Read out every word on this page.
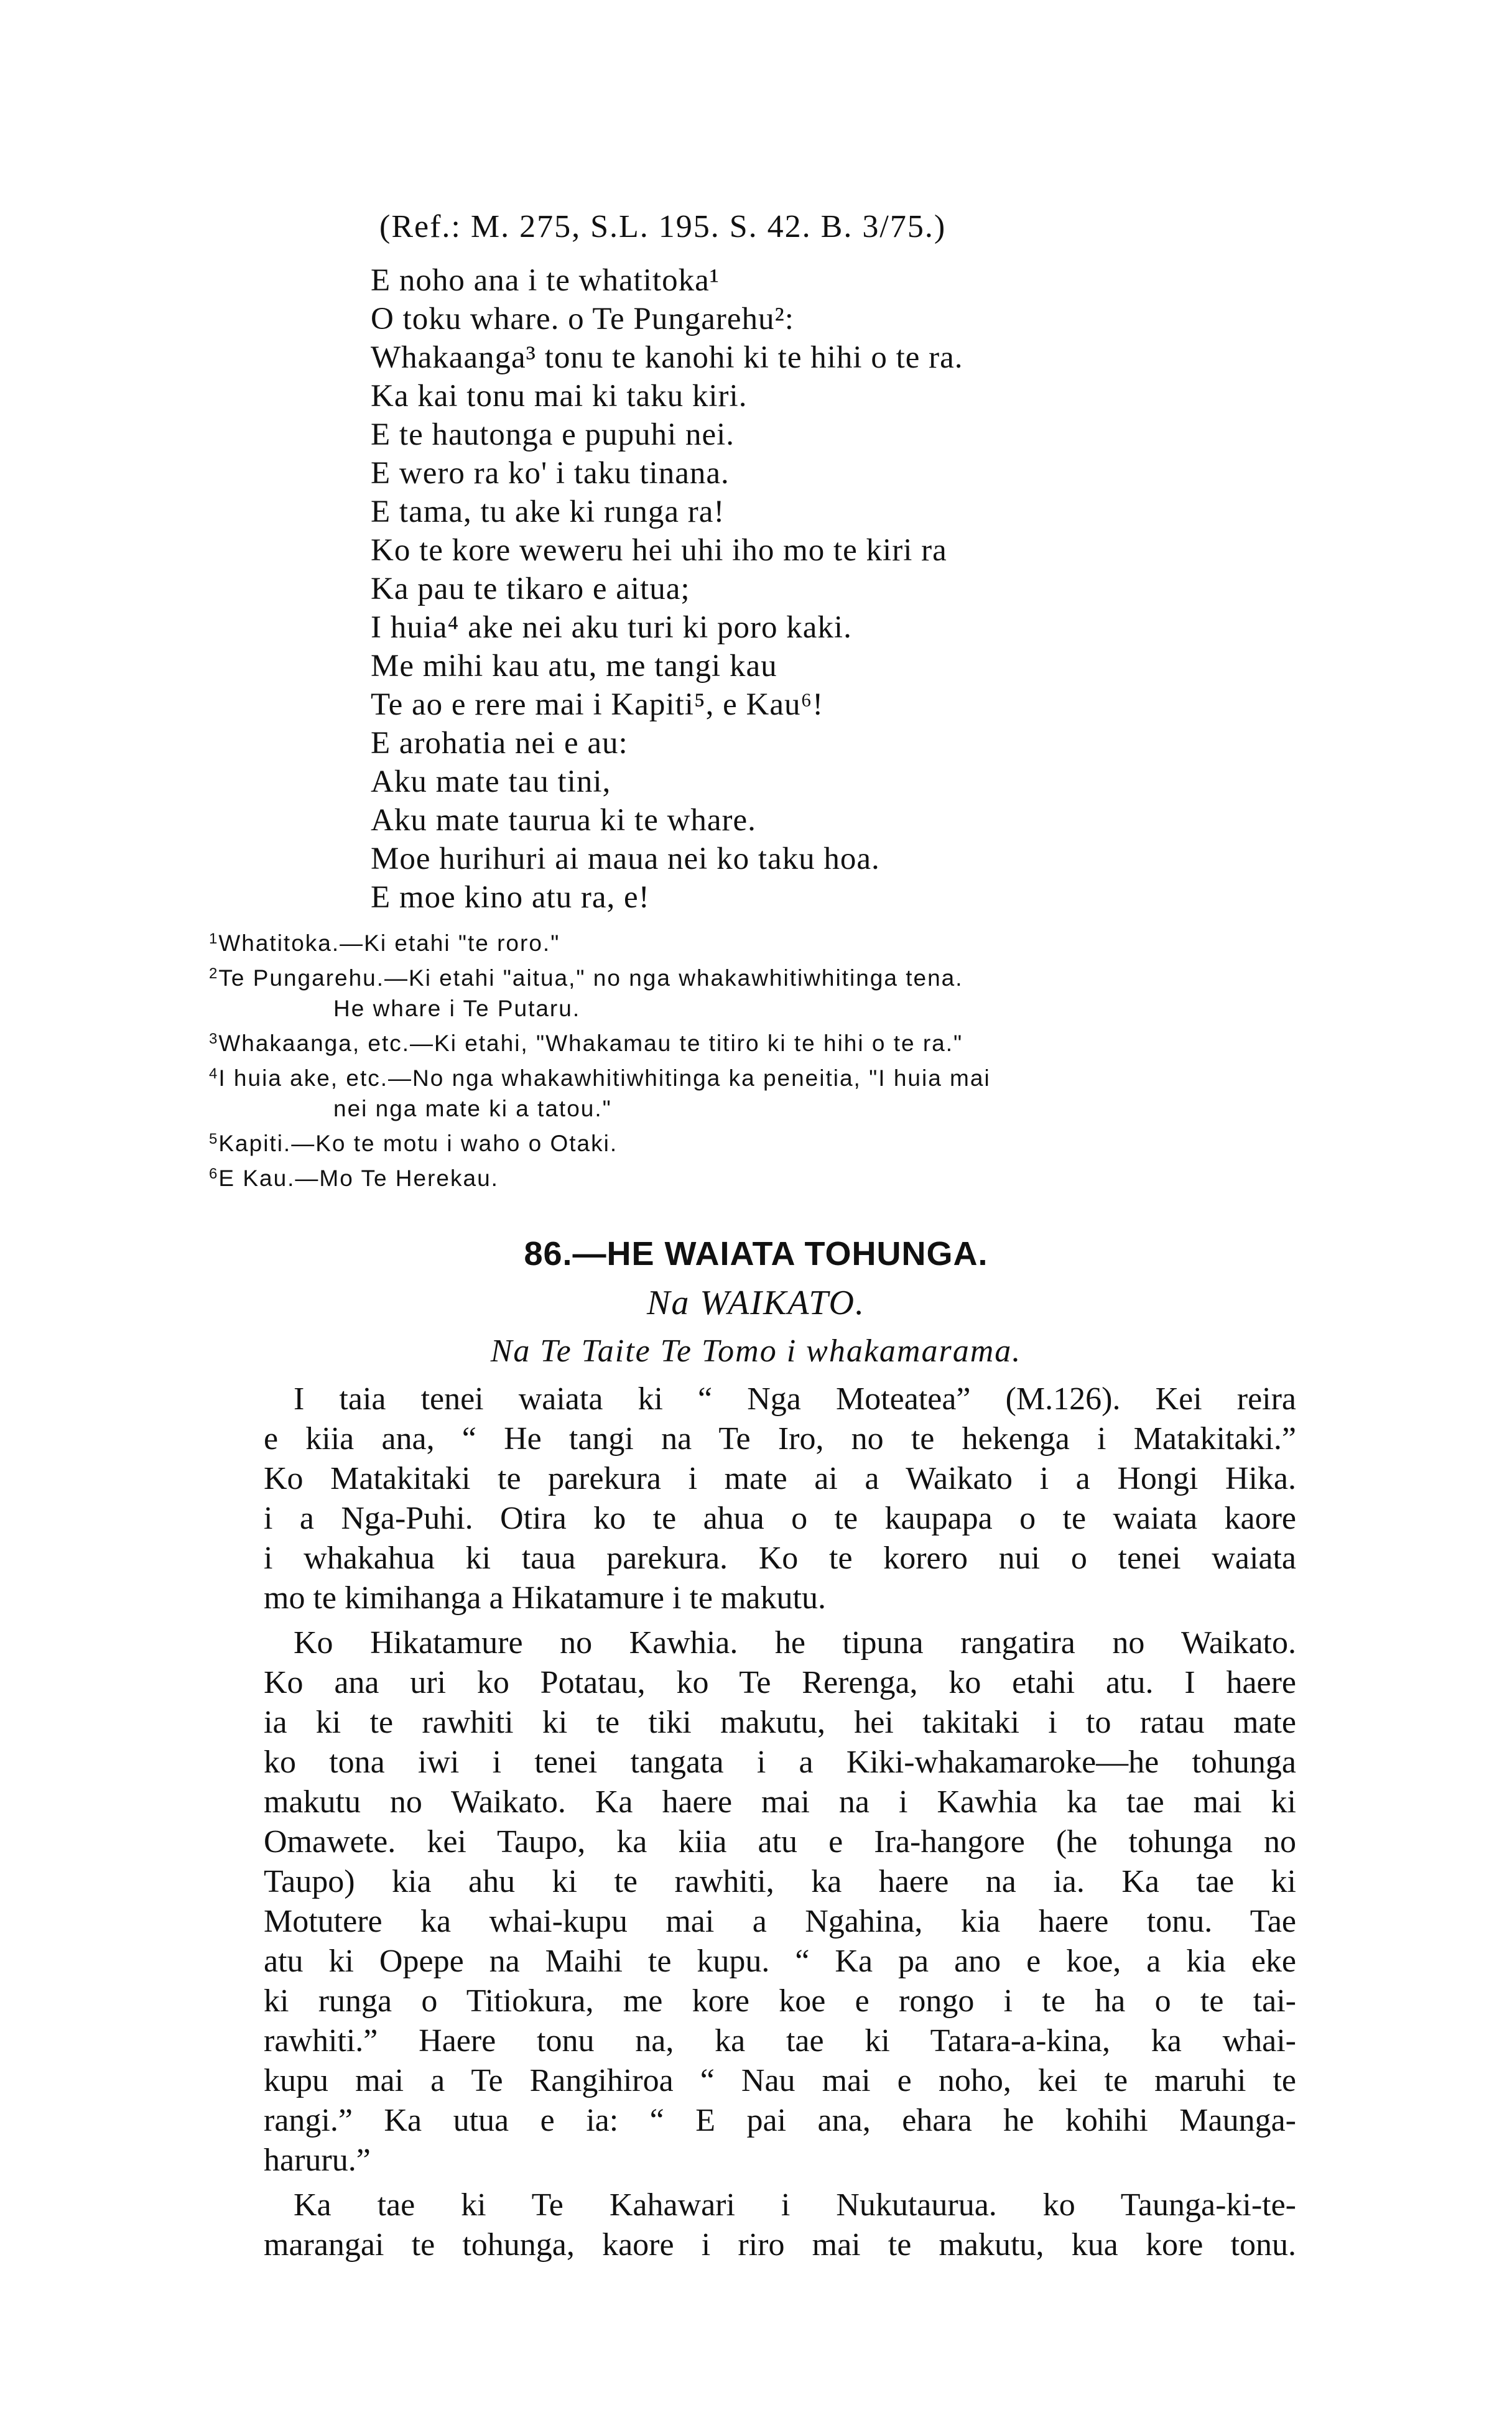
(Ref.: M. 275, S.L. 195. S. 42. B. 3/75.)
E noho ana i te whatitoka¹
O toku whare. o Te Pungarehu²:
Whakaanga³ tonu te kanohi ki te hihi o te ra.
Ka kai tonu mai ki taku kiri.
E te hautonga e pupuhi nei.
E wero ra ko' i taku tinana.
E tama, tu ake ki runga ra!
Ko te kore weweru hei uhi iho mo te kiri ra
Ka pau te tikaro e aitua;
I huia⁴ ake nei aku turi ki poro kaki.
Me mihi kau atu, me tangi kau
Te ao e rere mai i Kapiti⁵, e Kau⁶!
E arohatia nei e au:
Aku mate tau tini,
Aku mate taurua ki te whare.
Moe hurihuri ai maua nei ko taku hoa.
E moe kino atu ra, e!
$^1$Whatitoka.—Ki etahi "te roro."
$^2$Te Pungarehu.—Ki etahi "aitua," no nga whakawhitiwhitinga tena.
He whare i Te Putaru.
$^3$Whakaanga, etc.—Ki etahi, "Whakamau te titiro ki te hihi o te ra."
$^4$I huia ake, etc.—No nga whakawhitiwhitinga ka peneitia, "I huia mai
nei nga mate ki a tatou."
$^5$Kapiti.—Ko te motu i waho o Otaki.
$^6$E Kau.—Mo Te Herekau.
86.—HE WAIATA TOHUNGA.
Na WAIKATO.
Na Te Taite Te Tomo i whakamarama.
I taia tenei waiata ki “ Nga Moteatea” (M.126). Kei reira
e kiia ana, “ He tangi na Te Iro, no te hekenga i Matakitaki.”
Ko Matakitaki te parekura i mate ai a Waikato i a Hongi Hika.
i a Nga-Puhi. Otira ko te ahua o te kaupapa o te waiata kaore
i whakahua ki taua parekura. Ko te korero nui o tenei waiata
mo te kimihanga a Hikatamure i te makutu.
Ko Hikatamure no Kawhia. he tipuna rangatira no Waikato.
Ko ana uri ko Potatau, ko Te Rerenga, ko etahi atu. I haere
ia ki te rawhiti ki te tiki makutu, hei takitaki i to ratau mate
ko tona iwi i tenei tangata i a Kiki-whakamaroke—he tohunga
makutu no Waikato. Ka haere mai na i Kawhia ka tae mai ki
Omawete. kei Taupo, ka kiia atu e Ira-hangore (he tohunga no
Taupo) kia ahu ki te rawhiti, ka haere na ia. Ka tae ki
Motutere ka whai-kupu mai a Ngahina, kia haere tonu. Tae
atu ki Opepe na Maihi te kupu. “ Ka pa ano e koe, a kia eke
ki runga o Titiokura, me kore koe e rongo i te ha o te tai-
rawhiti.” Haere tonu na, ka tae ki Tatara-a-kina, ka whai-
kupu mai a Te Rangihiroa “ Nau mai e noho, kei te maruhi te
rangi.” Ka utua e ia: “ E pai ana, ehara he kohihi Maunga-
haruru.”
Ka tae ki Te Kahawari i Nukutaurua. ko Taunga-ki-te-
marangai te tohunga, kaore i riro mai te makutu, kua kore tonu.
